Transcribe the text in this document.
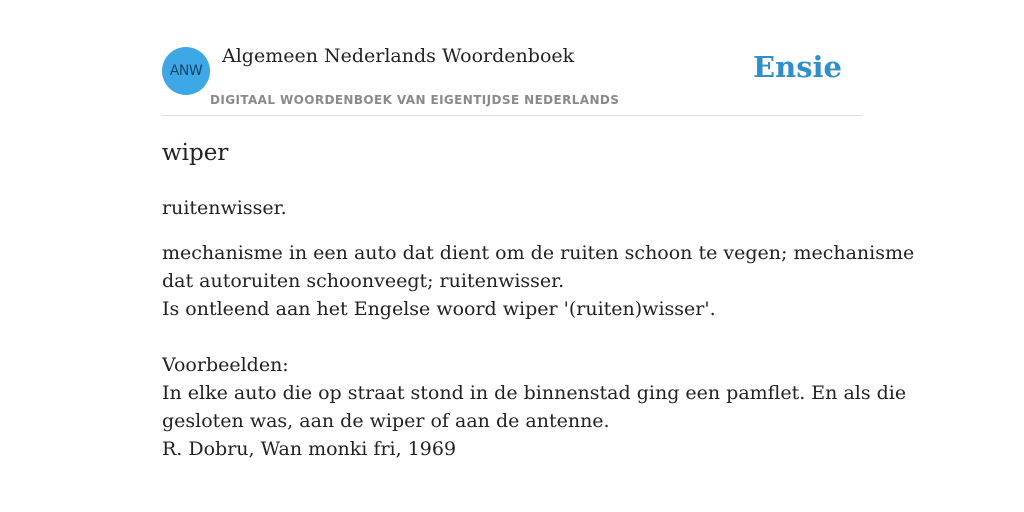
ANW
Algemeen Nederlands Woordenboek
DIGITAAL WOORDENBOEK VAN EIGENTIJDSE NEDERLANDS
Ensie
wiper
ruitenwisser.
mechanisme in een auto dat dient om de ruiten schoon te vegen; mechanisme
dat autoruiten schoonveegt; ruitenwisser.
Is ontleend aan het Engelse woord wiper '(ruiten)wisser'.
Voorbeelden:
In elke auto die op straat stond in de binnenstad ging een pamflet. En als die
gesloten was, aan de wiper of aan de antenne.
R. Dobru, Wan monki fri, 1969
